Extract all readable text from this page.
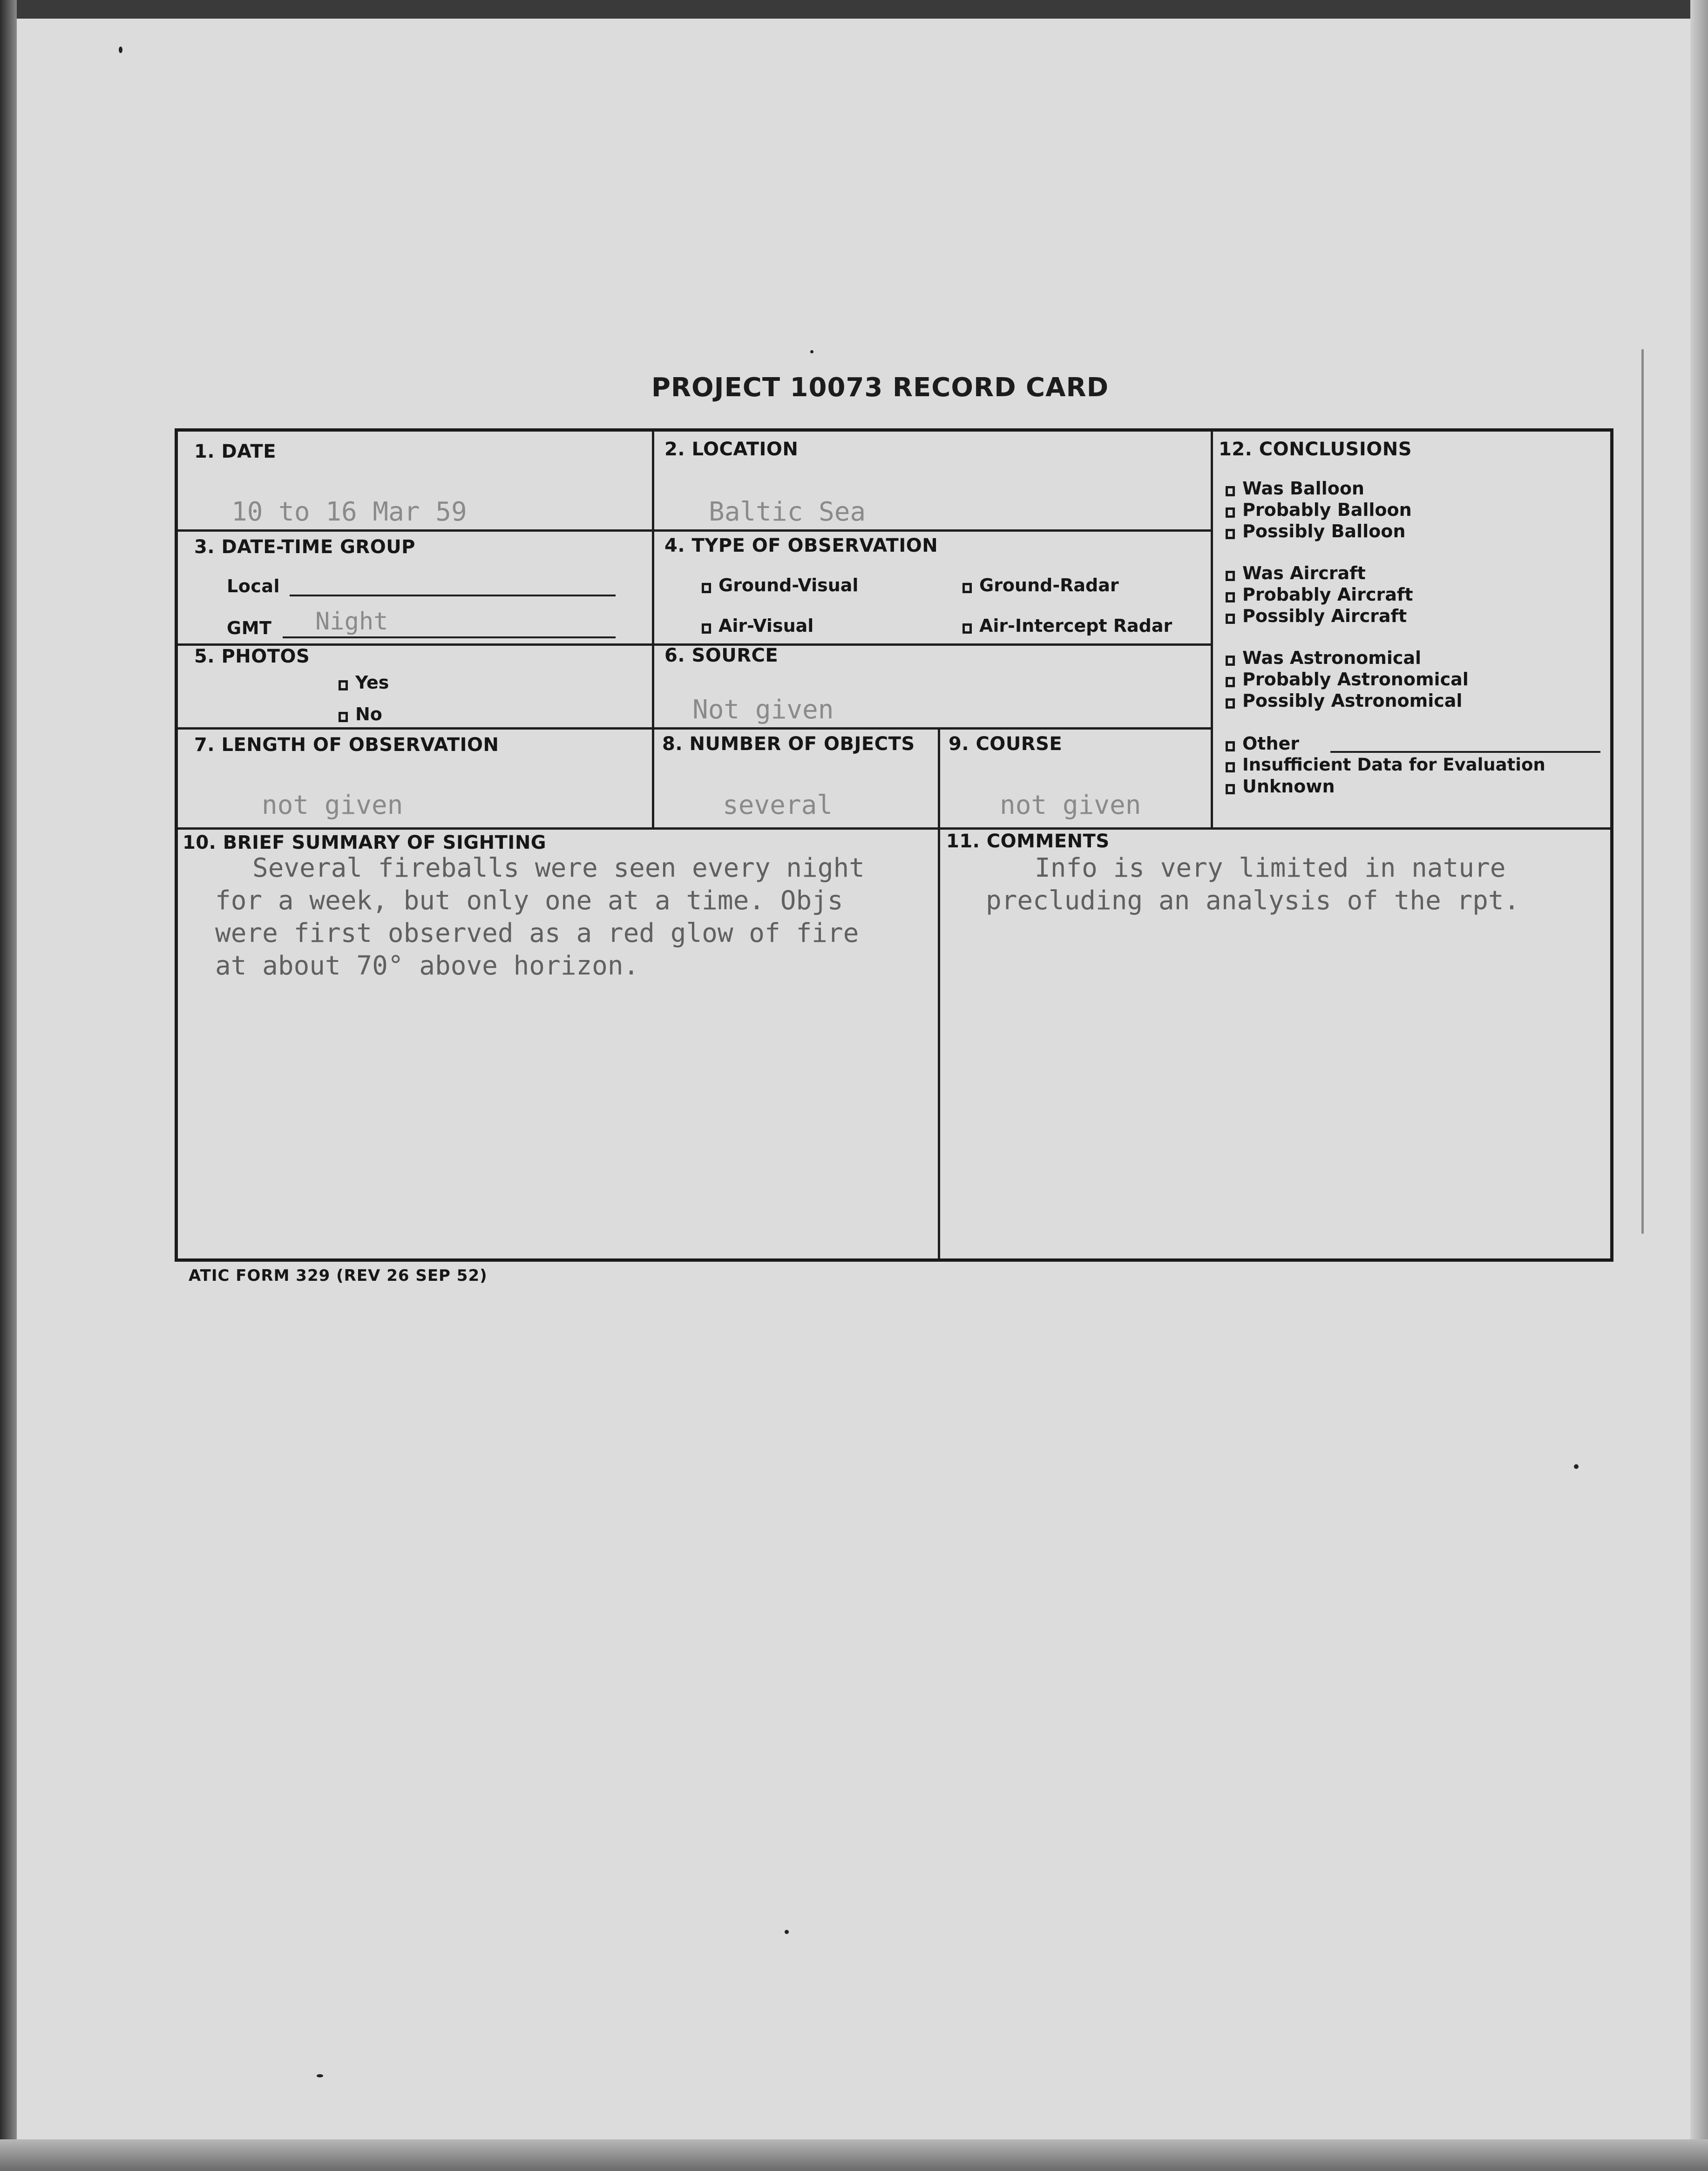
PROJECT 10073 RECORD CARD
1. DATE
10 to 16 Mar 59
2. LOCATION
Baltic Sea
3. DATE-TIME GROUP
Local
GMT Night
4. TYPE OF OBSERVATION
Ground-Visual	Ground-Radar
Air-Visual	Air-Intercept Radar
5. PHOTOS
Yes
No
6. SOURCE
Not given
7. LENGTH OF OBSERVATION
not given
8. NUMBER OF OBJECTS
several
9. COURSE
not given
10. BRIEF SUMMARY OF SIGHTING
Several fireballs were seen every night
for a week, but only one at a time. Objs
were first observed as a red glow of fire
at about 70° above horizon.
11. COMMENTS
Info is very limited in nature
precluding an analysis of the rpt.
12. CONCLUSIONS
Was Balloon
Probably Balloon
Possibly Balloon
Was Aircraft
Probably Aircraft
Possibly Aircraft
Was Astronomical
Probably Astronomical
Possibly Astronomical
Other
Insufficient Data for Evaluation
Unknown
ATIC FORM 329 (REV 26 SEP 52)
